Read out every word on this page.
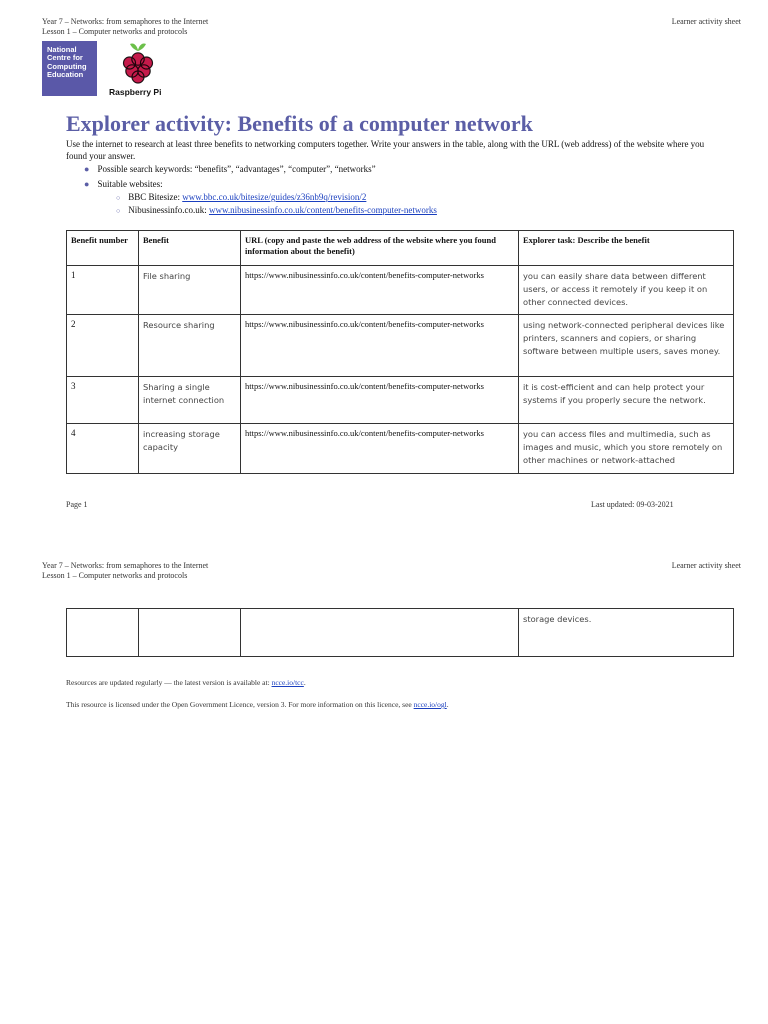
Year 7 – Networks: from semaphores to the Internet
Lesson 1 – Computer networks and protocols
Learner activity sheet
National Centre for Computing Education
Raspberry Pi
Explorer activity: Benefits of a computer network
Use the internet to research at least three benefits to networking computers together. Write your answers in the table, along with the URL (web address) of the website where you found your answer.
● Possible search keywords: “benefits”, “advantages”, “computer”, “networks”
● Suitable websites:
○ BBC Bitesize: www.bbc.co.uk/bitesize/guides/z36nb9q/revision/2
○ Nibusinessinfo.co.uk: www.nibusinessinfo.co.uk/content/benefits-computer-networks
Benefit number	Benefit	URL (copy and paste the web address of the website where you found information about the benefit)	Explorer task: Describe the benefit
1	File sharing	https://www.nibusinessinfo.co.uk/content/benefits-computer-networks	you can easily share data between different users, or access it remotely if you keep it on other connected devices.
2	Resource sharing	https://www.nibusinessinfo.co.uk/content/benefits-computer-networks	using network-connected peripheral devices like printers, scanners and copiers, or sharing software between multiple users, saves money.
3	Sharing a single internet connection	https://www.nibusinessinfo.co.uk/content/benefits-computer-networks	it is cost-efficient and can help protect your systems if you properly secure the network.
4	increasing storage capacity	https://www.nibusinessinfo.co.uk/content/benefits-computer-networks	you can access files and multimedia, such as images and music, which you store remotely on other machines or network-attached
Page 1	Last updated: 09-03-2021
Year 7 – Networks: from semaphores to the Internet
Lesson 1 – Computer networks and protocols
Learner activity sheet
			storage devices.
Resources are updated regularly — the latest version is available at: ncce.io/tcc.
This resource is licensed under the Open Government Licence, version 3. For more information on this licence, see ncce.io/ogl.
